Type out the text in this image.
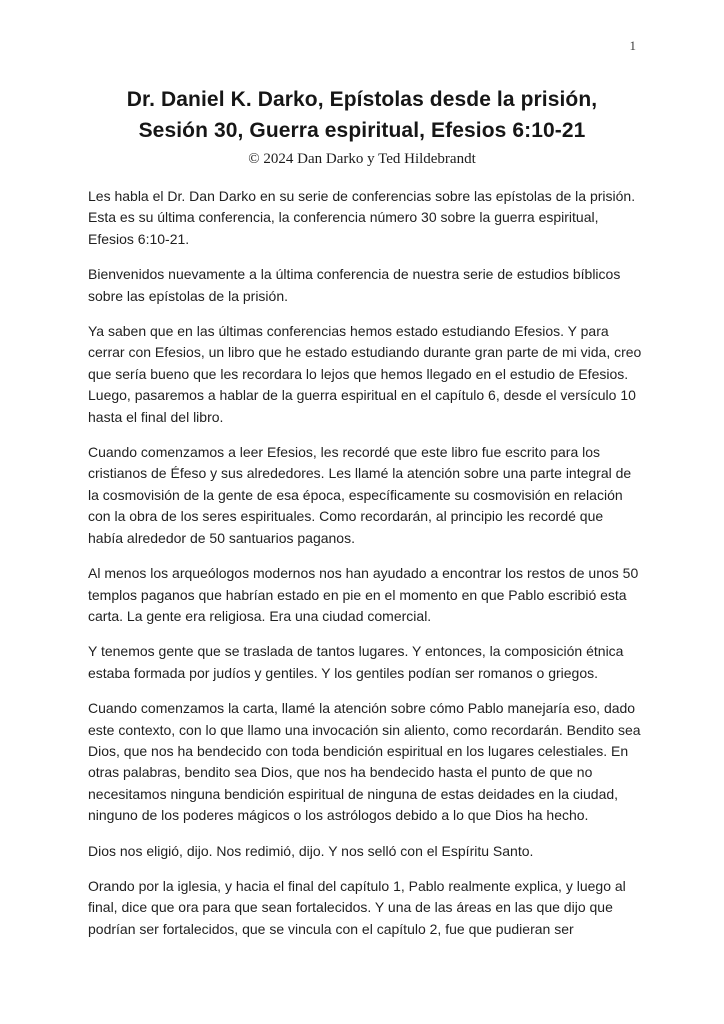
1
Dr. Daniel K. Darko, Epístolas desde la prisión,
Sesión 30, Guerra espiritual, Efesios 6:10-21
© 2024 Dan Darko y Ted Hildebrandt

Les habla el Dr. Dan Darko en su serie de conferencias sobre las epístolas de la prisión. Esta es su última conferencia, la conferencia número 30 sobre la guerra espiritual, Efesios 6:10-21.

Bienvenidos nuevamente a la última conferencia de nuestra serie de estudios bíblicos sobre las epístolas de la prisión.

Ya saben que en las últimas conferencias hemos estado estudiando Efesios. Y para cerrar con Efesios, un libro que he estado estudiando durante gran parte de mi vida, creo que sería bueno que les recordara lo lejos que hemos llegado en el estudio de Efesios. Luego, pasaremos a hablar de la guerra espiritual en el capítulo 6, desde el versículo 10 hasta el final del libro.

Cuando comenzamos a leer Efesios, les recordé que este libro fue escrito para los cristianos de Éfeso y sus alrededores. Les llamé la atención sobre una parte integral de la cosmovisión de la gente de esa época, específicamente su cosmovisión en relación con la obra de los seres espirituales. Como recordarán, al principio les recordé que había alrededor de 50 santuarios paganos.

Al menos los arqueólogos modernos nos han ayudado a encontrar los restos de unos 50 templos paganos que habrían estado en pie en el momento en que Pablo escribió esta carta. La gente era religiosa. Era una ciudad comercial.

Y tenemos gente que se traslada de tantos lugares. Y entonces, la composición étnica estaba formada por judíos y gentiles. Y los gentiles podían ser romanos o griegos.

Cuando comenzamos la carta, llamé la atención sobre cómo Pablo manejaría eso, dado este contexto, con lo que llamo una invocación sin aliento, como recordarán. Bendito sea Dios, que nos ha bendecido con toda bendición espiritual en los lugares celestiales. En otras palabras, bendito sea Dios, que nos ha bendecido hasta el punto de que no necesitamos ninguna bendición espiritual de ninguna de estas deidades en la ciudad, ninguno de los poderes mágicos o los astrólogos debido a lo que Dios ha hecho.

Dios nos eligió, dijo. Nos redimió, dijo. Y nos selló con el Espíritu Santo.

Orando por la iglesia, y hacia el final del capítulo 1, Pablo realmente explica, y luego al final, dice que ora para que sean fortalecidos. Y una de las áreas en las que dijo que podrían ser fortalecidos, que se vincula con el capítulo 2, fue que pudieran ser
